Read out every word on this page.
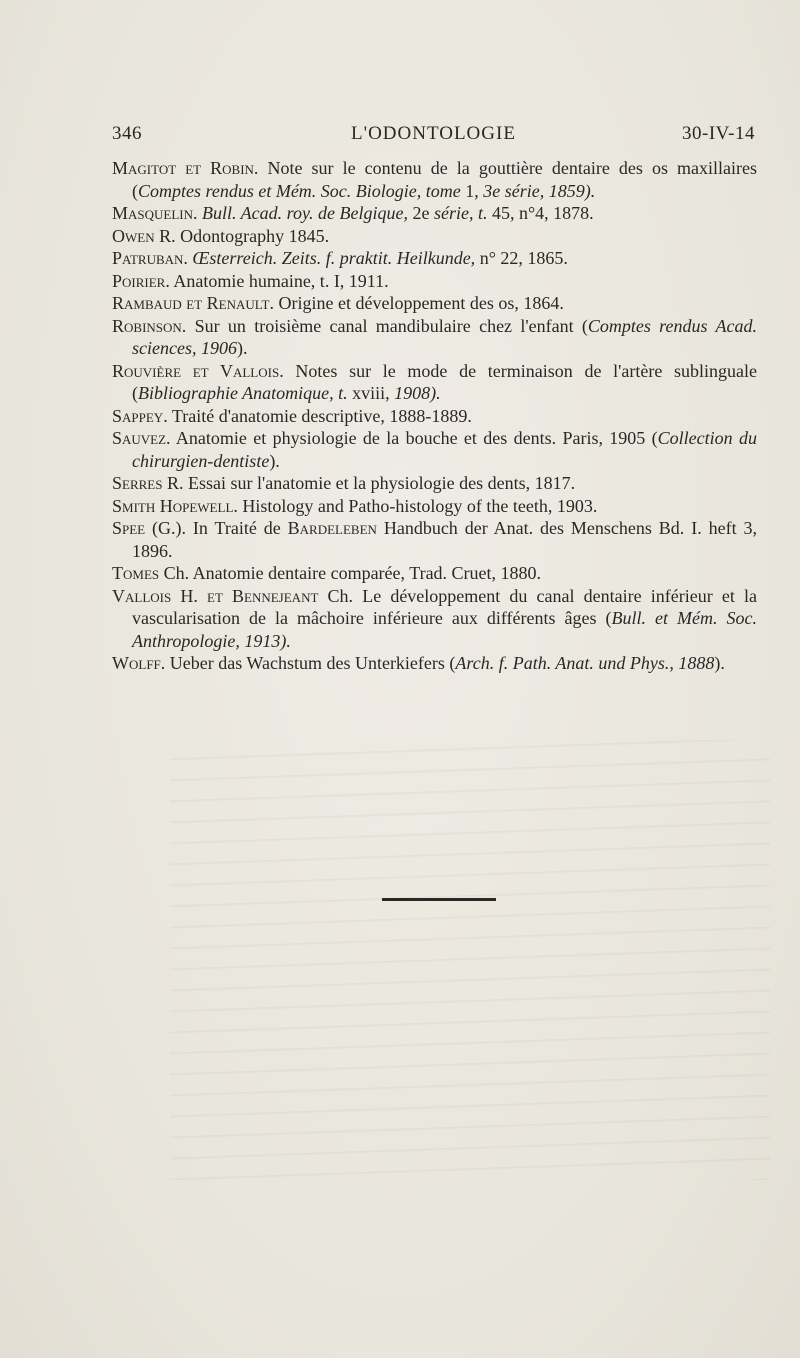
346	L'ODONTOLOGIE	30-IV-14
Magitot et Robin. Note sur le contenu de la gouttière dentaire des os maxillaires (Comptes rendus et Mém. Soc. Biologie, tome 1, 3e série, 1859).
Masquelin. Bull. Acad. roy. de Belgique, 2e série, t. 45, n°4, 1878.
Owen R. Odontography 1845.
Patruban. Œsterreich. Zeits. f. praktit. Heilkunde, n° 22, 1865.
Poirier. Anatomie humaine, t. I, 1911.
Rambaud et Renault. Origine et développement des os, 1864.
Robinson. Sur un troisième canal mandibulaire chez l'enfant (Comptes rendus Acad. sciences, 1906).
Rouvière et Vallois. Notes sur le mode de terminaison de l'artère sublinguale (Bibliographie Anatomique, t. xviii, 1908).
Sappey. Traité d'anatomie descriptive, 1888-1889.
Sauvez. Anatomie et physiologie de la bouche et des dents. Paris, 1905 (Collection du chirurgien-dentiste).
Serres R. Essai sur l'anatomie et la physiologie des dents, 1817.
Smith Hopewell. Histology and Patho-histology of the teeth, 1903.
Spee (G.). In Traité de Bardeleben Handbuch der Anat. des Menschens Bd. I. heft 3, 1896.
Tomes Ch. Anatomie dentaire comparée, Trad. Cruet, 1880.
Vallois H. et Bennejeant Ch. Le développement du canal dentaire inférieur et la vascularisation de la mâchoire inférieure aux différents âges (Bull. et Mém. Soc. Anthropologie, 1913).
Wolff. Ueber das Wachstum des Unterkiefers (Arch. f. Path. Anat. und Phys., 1888).
